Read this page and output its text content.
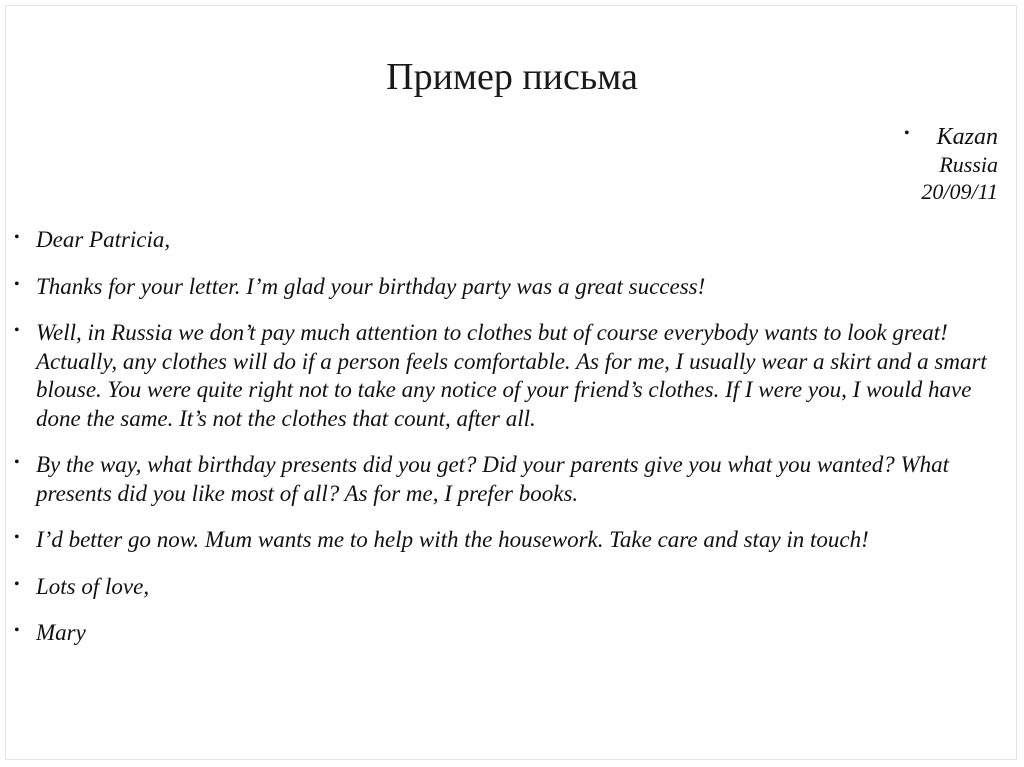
Пример письма
•	Kazan
Russia
20/09/11
• Dear Patricia,
• Thanks for your letter. I’m glad your birthday party was a great success!
• Well, in Russia we don’t pay much attention to clothes but of course everybody wants to look great! Actually, any clothes will do if a person feels comfortable. As for me, I usually wear a skirt and a smart blouse. You were quite right not to take any notice of your friend’s clothes. If I were you, I would have done the same. It’s not the clothes that count, after all.
• By the way, what birthday presents did you get? Did your parents give you what you wanted? What presents did you like most of all? As for me, I prefer books.
• I’d better go now. Mum wants me to help with the housework. Take care and stay in touch!
• Lots of love,
• Mary
